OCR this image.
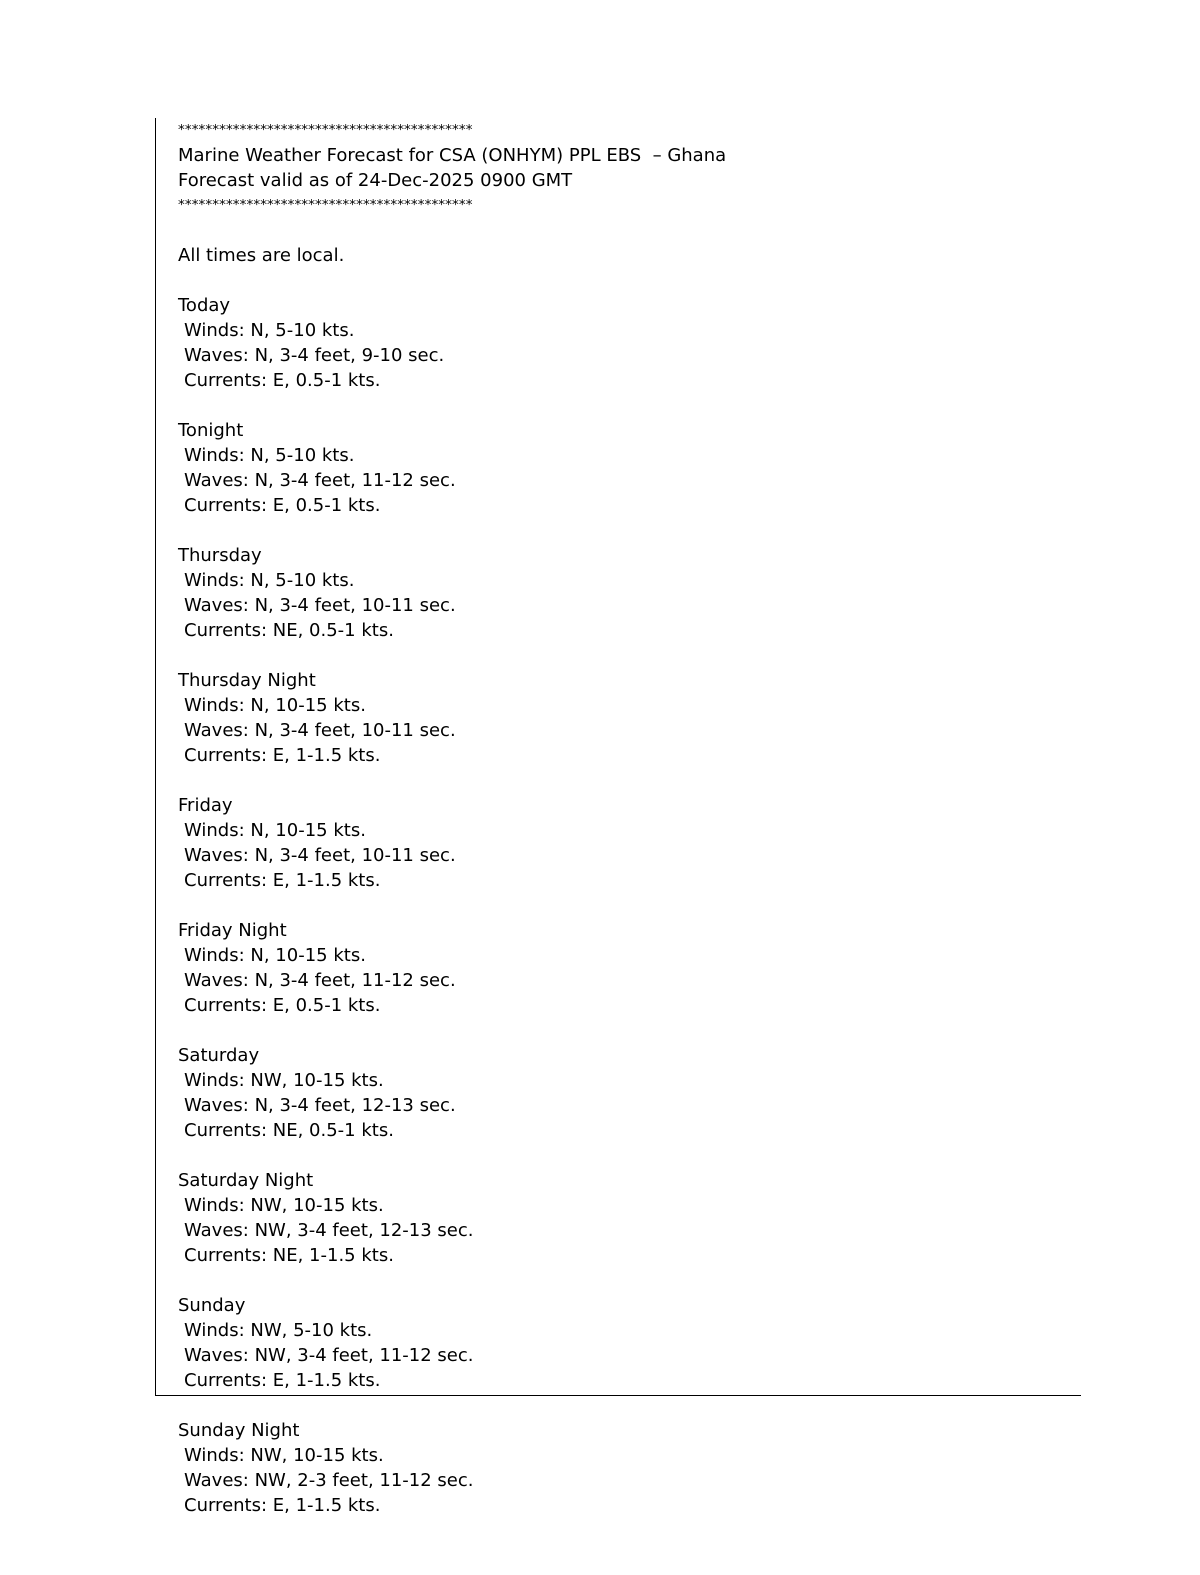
*******************************************
Marine Weather Forecast for CSA (ONHYM) PPL EBS  – Ghana
Forecast valid as of 24-Dec-2025 0900 GMT
*******************************************
All times are local.
Today
Winds: N, 5-10 kts.
Waves: N, 3-4 feet, 9-10 sec.
Currents: E, 0.5-1 kts.
Tonight
Winds: N, 5-10 kts.
Waves: N, 3-4 feet, 11-12 sec.
Currents: E, 0.5-1 kts.
Thursday
Winds: N, 5-10 kts.
Waves: N, 3-4 feet, 10-11 sec.
Currents: NE, 0.5-1 kts.
Thursday Night
Winds: N, 10-15 kts.
Waves: N, 3-4 feet, 10-11 sec.
Currents: E, 1-1.5 kts.
Friday
Winds: N, 10-15 kts.
Waves: N, 3-4 feet, 10-11 sec.
Currents: E, 1-1.5 kts.
Friday Night
Winds: N, 10-15 kts.
Waves: N, 3-4 feet, 11-12 sec.
Currents: E, 0.5-1 kts.
Saturday
Winds: NW, 10-15 kts.
Waves: N, 3-4 feet, 12-13 sec.
Currents: NE, 0.5-1 kts.
Saturday Night
Winds: NW, 10-15 kts.
Waves: NW, 3-4 feet, 12-13 sec.
Currents: NE, 1-1.5 kts.
Sunday
Winds: NW, 5-10 kts.
Waves: NW, 3-4 feet, 11-12 sec.
Currents: E, 1-1.5 kts.
Sunday Night
Winds: NW, 10-15 kts.
Waves: NW, 2-3 feet, 11-12 sec.
Currents: E, 1-1.5 kts.
